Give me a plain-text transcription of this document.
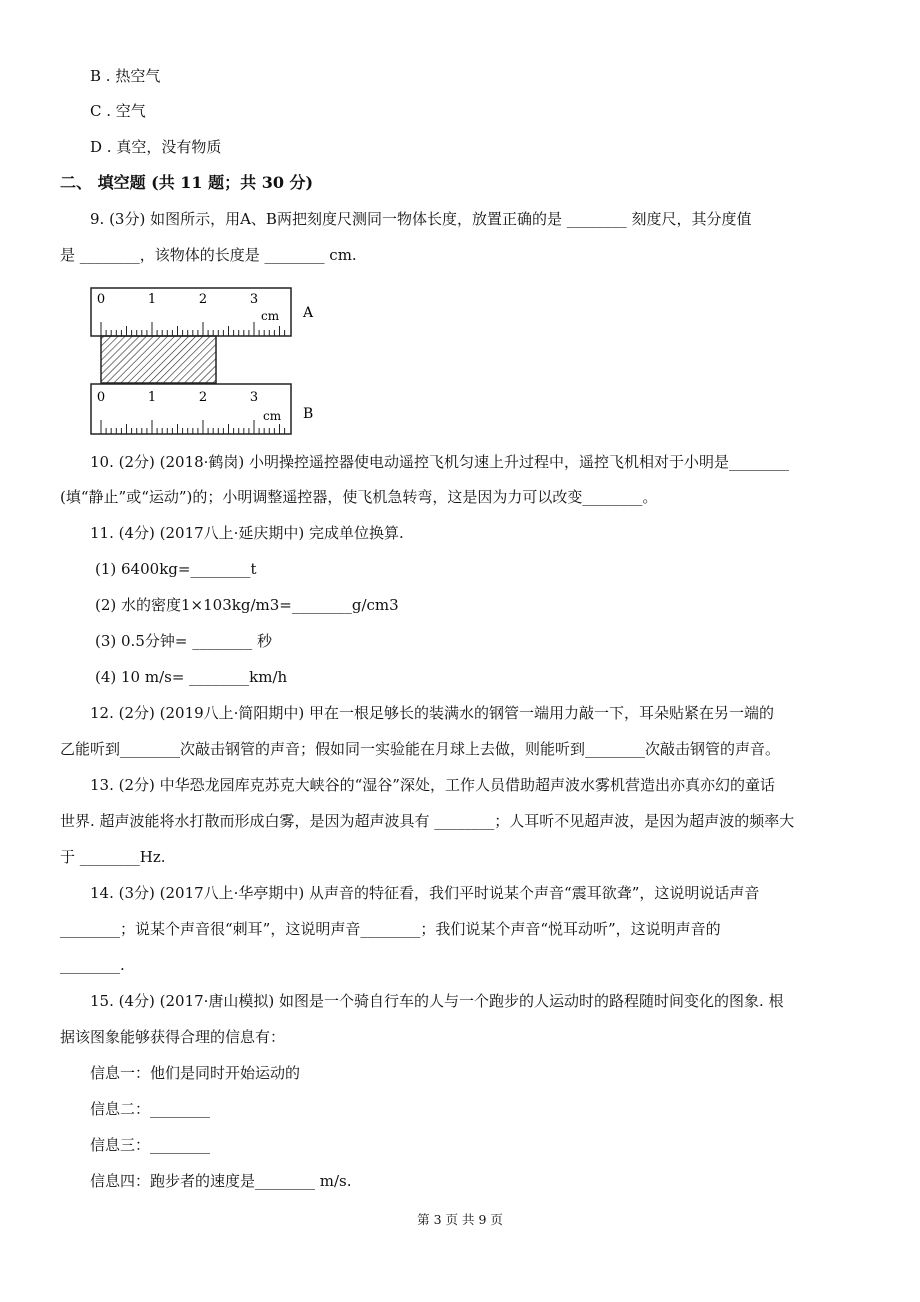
B . 热空气
C . 空气
D . 真空，没有物质
二、 填空题 (共 11 题；共 30 分)
9. (3分) 如图所示，用A、B两把刻度尺测同一物体长度，放置正确的是 ________ 刻度尺，其分度值
是 ________，该物体的长度是 ________ cm.
0	1	2	3
cm A
0	1	2	3
cm B
10. (2分) (2018·鹤岗) 小明操控遥控器使电动遥控飞机匀速上升过程中，遥控飞机相对于小明是________
(填“静止”或“运动”)的；小明调整遥控器，使飞机急转弯，这是因为力可以改变________。
11. (4分) (2017八上·延庆期中) 完成单位换算.
(1) 6400kg=________t
(2) 水的密度1×103kg/m3=________g/cm3
(3) 0.5分钟= ________ 秒
(4) 10 m/s= ________km/h
12. (2分) (2019八上·简阳期中) 甲在一根足够长的装满水的钢管一端用力敲一下，耳朵贴紧在另一端的
乙能听到________次敲击钢管的声音；假如同一实验能在月球上去做，则能听到________次敲击钢管的声音。
13. (2分) 中华恐龙园库克苏克大峡谷的“湿谷”深处，工作人员借助超声波水雾机营造出亦真亦幻的童话
世界. 超声波能将水打散而形成白雾，是因为超声波具有 ________；人耳听不见超声波，是因为超声波的频率大
于 ________Hz.
14. (3分) (2017八上·华亭期中) 从声音的特征看，我们平时说某个声音“震耳欲聋”，这说明说话声音
________；说某个声音很“刺耳”，这说明声音________；我们说某个声音“悦耳动听”，这说明声音的
________.
15. (4分) (2017·唐山模拟) 如图是一个骑自行车的人与一个跑步的人运动时的路程随时间变化的图象. 根
据该图象能够获得合理的信息有：
信息一：他们是同时开始运动的
信息二：________
信息三：________
信息四：跑步者的速度是________ m/s.
第 3 页 共 9 页
